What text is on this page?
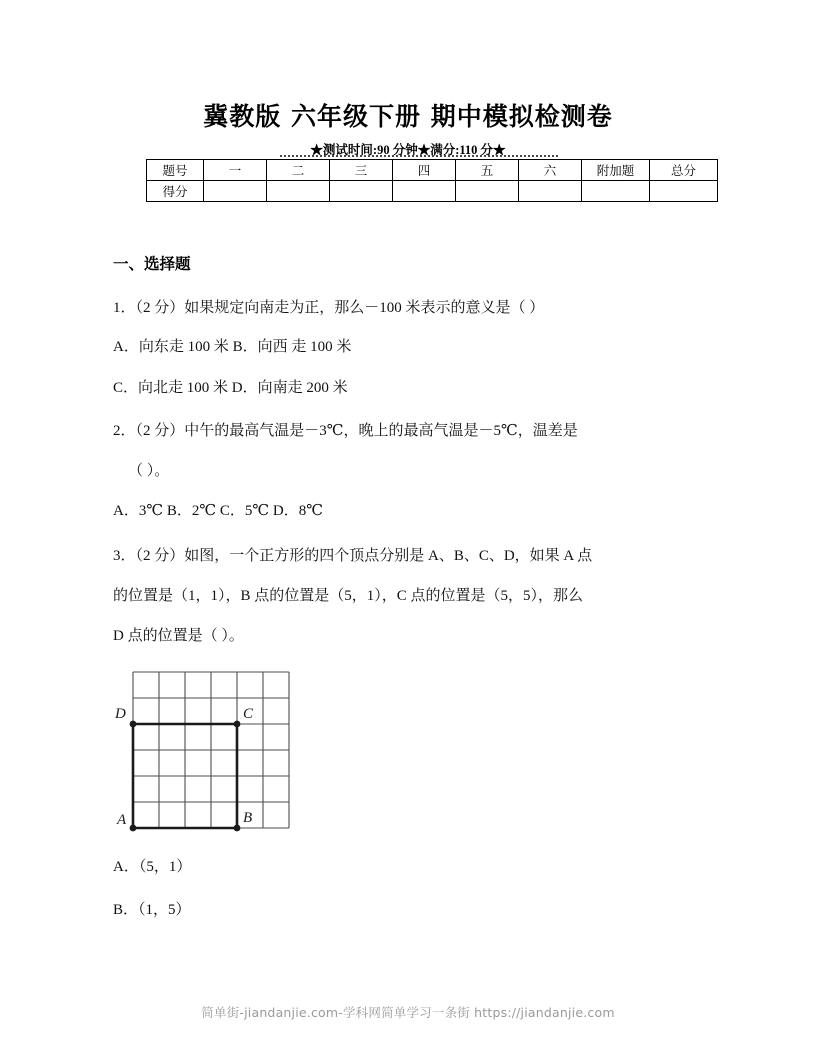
冀教版 六年级下册 期中模拟检测卷
★测试时间:90 分钟★满分:110 分★
题号	一	二	三	四	五	六	附加题	总分
得分								
一、选择题
1．（2 分）如果规定向南走为正，那么－100 米表示的意义是（ ）
A．向东走 100 米 B．向西 走 100 米
C．向北走 100 米 D．向南走 200 米
2．（2 分）中午的最高气温是－3℃，晚上的最高气温是－5℃，温差是
（ ）。
A．3℃ B．2℃ C．5℃ D．8℃
3．（2 分）如图，一个正方形的四个顶点分别是 A、B、C、D，如果 A 点
的位置是（1，1），B 点的位置是（5，1），C 点的位置是（5，5），那么
D 点的位置是（ ）。
A	B
C
D
A．（5，1）
B．（1，5）
简单街-jiandanjie.com-学科网简单学习一条街 https://jiandanjie.com
